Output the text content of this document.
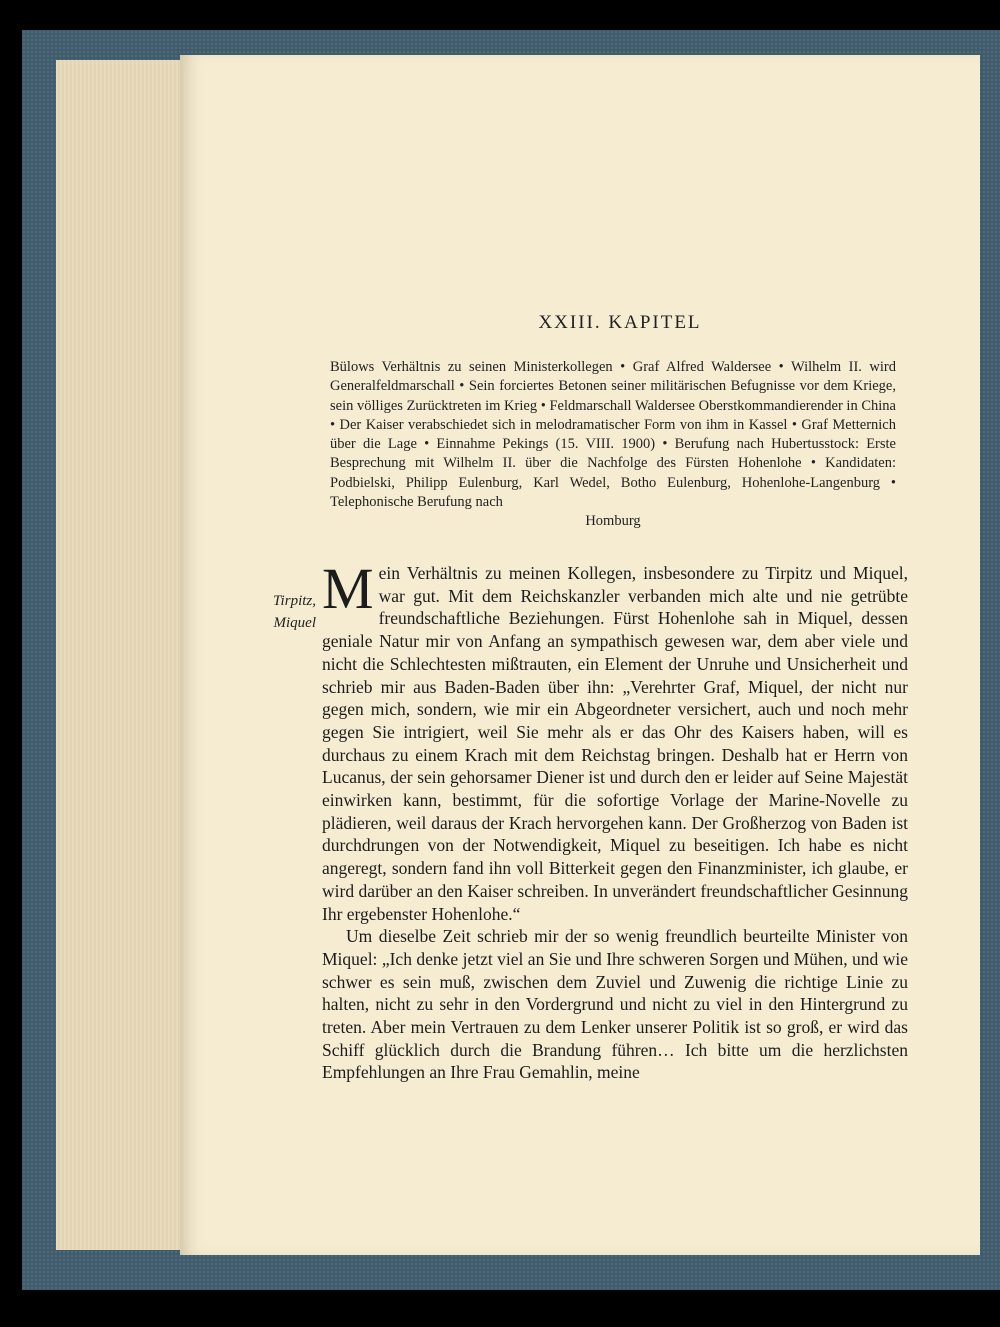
XXIII. KAPITEL
Bülows Verhältnis zu seinen Ministerkollegen • Graf Alfred Waldersee • Wilhelm II. wird Generalfeldmarschall • Sein forciertes Betonen seiner militärischen Befugnisse vor dem Kriege, sein völliges Zurücktreten im Krieg • Feldmarschall Waldersee Oberstkommandierender in China • Der Kaiser verabschiedet sich in melodramatischer Form von ihm in Kassel • Graf Metternich über die Lage • Einnahme Pekings (15. VIII. 1900) • Berufung nach Hubertusstock: Erste Besprechung mit Wilhelm II. über die Nachfolge des Fürsten Hohenlohe • Kandidaten: Podbielski, Philipp Eulenburg, Karl Wedel, Botho Eulenburg, Hohenlohe-Langenburg • Telephonische Berufung nach
Homburg
Tirpitz,
Miquel

Mein Verhältnis zu meinen Kollegen, insbesondere zu Tirpitz und Miquel, war gut. Mit dem Reichskanzler verbanden mich alte und nie getrübte freundschaftliche Beziehungen. Fürst Hohenlohe sah in Miquel, dessen geniale Natur mir von Anfang an sympathisch gewesen war, dem aber viele und nicht die Schlechtesten mißtrauten, ein Element der Unruhe und Unsicherheit und schrieb mir aus Baden-Baden über ihn: „Verehrter Graf, Miquel, der nicht nur gegen mich, sondern, wie mir ein Abgeordneter versichert, auch und noch mehr gegen Sie intrigiert, weil Sie mehr als er das Ohr des Kaisers haben, will es durchaus zu einem Krach mit dem Reichstag bringen. Deshalb hat er Herrn von Lucanus, der sein gehorsamer Diener ist und durch den er leider auf Seine Majestät einwirken kann, bestimmt, für die sofortige Vorlage der Marine-Novelle zu plädieren, weil daraus der Krach hervorgehen kann. Der Großherzog von Baden ist durchdrungen von der Notwendigkeit, Miquel zu beseitigen. Ich habe es nicht angeregt, sondern fand ihn voll Bitterkeit gegen den Finanzminister, ich glaube, er wird darüber an den Kaiser schreiben. In unverändert freundschaftlicher Gesinnung Ihr ergebenster Hohenlohe.“

Um dieselbe Zeit schrieb mir der so wenig freundlich beurteilte Minister von Miquel: „Ich denke jetzt viel an Sie und Ihre schweren Sorgen und Mühen, und wie schwer es sein muß, zwischen dem Zuviel und Zuwenig die richtige Linie zu halten, nicht zu sehr in den Vordergrund und nicht zu viel in den Hintergrund zu treten. Aber mein Vertrauen zu dem Lenker unserer Politik ist so groß, er wird das Schiff glücklich durch die Brandung führen… Ich bitte um die herzlichsten Empfehlungen an Ihre Frau Gemahlin, meine
